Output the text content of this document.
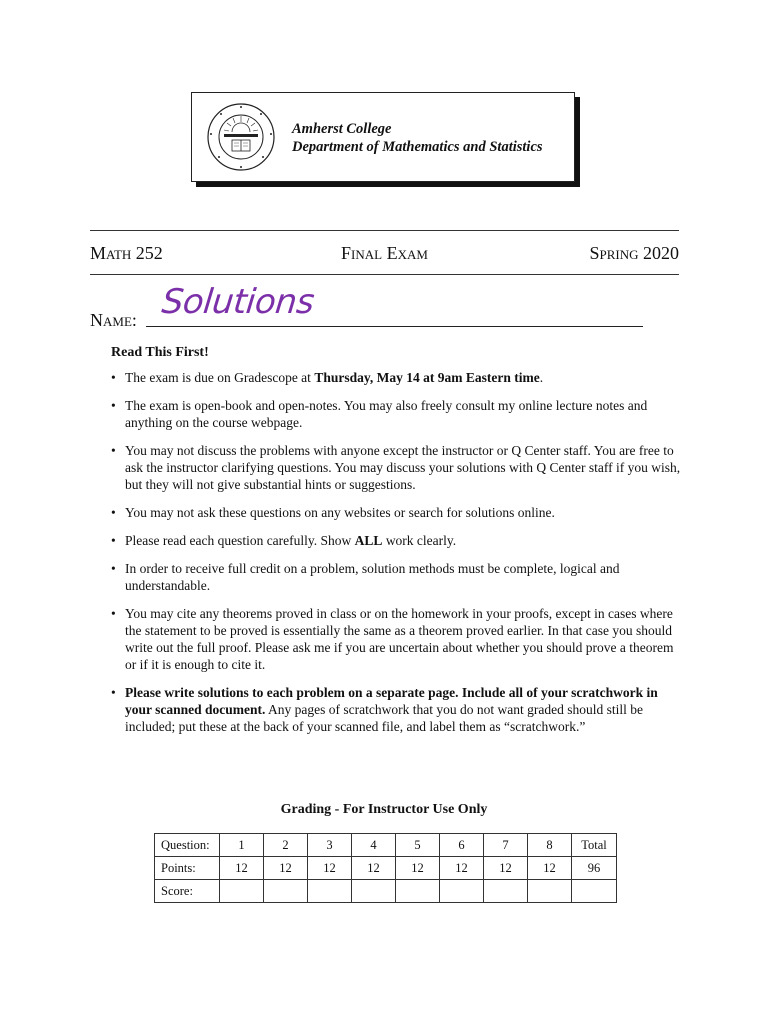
Amherst College
Department of Mathematics and Statistics
Math 252	Final Exam	Spring 2020
Name: Solutions
Read This First!
• The exam is due on Gradescope at Thursday, May 14 at 9am Eastern time.
• The exam is open-book and open-notes. You may also freely consult my online lecture notes and anything on the course webpage.
• You may not discuss the problems with anyone except the instructor or Q Center staff. You are free to ask the instructor clarifying questions. You may discuss your solutions with Q Center staff if you wish, but they will not give substantial hints or suggestions.
• You may not ask these questions on any websites or search for solutions online.
• Please read each question carefully. Show ALL work clearly.
• In order to receive full credit on a problem, solution methods must be complete, logical and understandable.
• You may cite any theorems proved in class or on the homework in your proofs, except in cases where the statement to be proved is essentially the same as a theorem proved earlier. In that case you should write out the full proof. Please ask me if you are uncertain about whether you should prove a theorem or if it is enough to cite it.
• Please write solutions to each problem on a separate page. Include all of your scratchwork in your scanned document. Any pages of scratchwork that you do not want graded should still be included; put these at the back of your scanned file, and label them as “scratchwork.”
Grading - For Instructor Use Only
Question:	1	2	3	4	5	6	7	8	Total
Points:	12	12	12	12	12	12	12	12	96
Score:									
